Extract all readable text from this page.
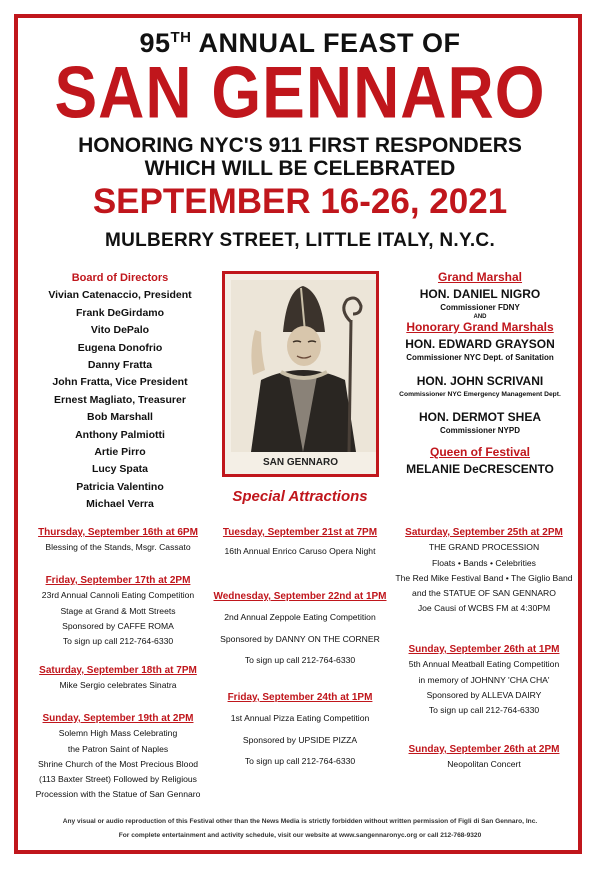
95TH ANNUAL FEAST OF
SAN GENNARO
HONORING NYC'S 911 FIRST RESPONDERS
WHICH WILL BE CELEBRATED
SEPTEMBER 16-26, 2021
MULBERRY STREET, LITTLE ITALY, N.Y.C.
Board of Directors
Vivian Catenaccio, President
Frank DeGirdamo
Vito DePalo
Eugena Donofrio
Danny Fratta
John Fratta, Vice President
Ernest Magliato, Treasurer
Bob Marshall
Anthony Palmiotti
Artie Pirro
Lucy Spata
Patricia Valentino
Michael Verra
SAN GENNARO
Grand Marshal
HON. DANIEL NIGRO
Commissioner FDNY
AND
Honorary Grand Marshals
HON. EDWARD GRAYSON
Commissioner NYC Dept. of Sanitation
HON. JOHN SCRIVANI
Commissioner NYC Emergency Management Dept.
HON. DERMOT SHEA
Commissioner NYPD
Queen of Festival
MELANIE DeCRESCENTO
Special Attractions
Thursday, September 16th at 6PM
Blessing of the Stands, Msgr. Cassato
Friday, September 17th at 2PM
23rd Annual Cannoli Eating Competition
Stage at Grand & Mott Streets
Sponsored by CAFFE ROMA
To sign up call 212-764-6330
Saturday, September 18th at 7PM
Mike Sergio celebrates Sinatra
Sunday, September 19th at 2PM
Solemn High Mass Celebrating
the Patron Saint of Naples
Shrine Church of the Most Precious Blood
(113 Baxter Street) Followed by Religious
Procession with the Statue of San Gennaro
Tuesday, September 21st at 7PM
16th Annual Enrico Caruso Opera Night
Wednesday, September 22nd at 1PM
2nd Annual Zeppole Eating Competition
Sponsored by DANNY ON THE CORNER
To sign up call 212-764-6330
Friday, September 24th at 1PM
1st Annual Pizza Eating Competition
Sponsored by UPSIDE PIZZA
To sign up call 212-764-6330
Saturday, September 25th at 2PM
THE GRAND PROCESSION
Floats • Bands • Celebrities
The Red Mike Festival Band • The Giglio Band
and the STATUE OF SAN GENNARO
Joe Causi of WCBS FM at 4:30PM
Sunday, September 26th at 1PM
5th Annual Meatball Eating Competition
in memory of JOHNNY 'CHA CHA'
Sponsored by ALLEVA DAIRY
To sign up call 212-764-6330
Sunday, September 26th at 2PM
Neopolitan Concert
Any visual or audio reproduction of this Festival other than the News Media is strictly forbidden without written permission of Figli di San Gennaro, Inc.
For complete entertainment and activity schedule, visit our website at www.sangennaronyc.org or call 212-768-9320
